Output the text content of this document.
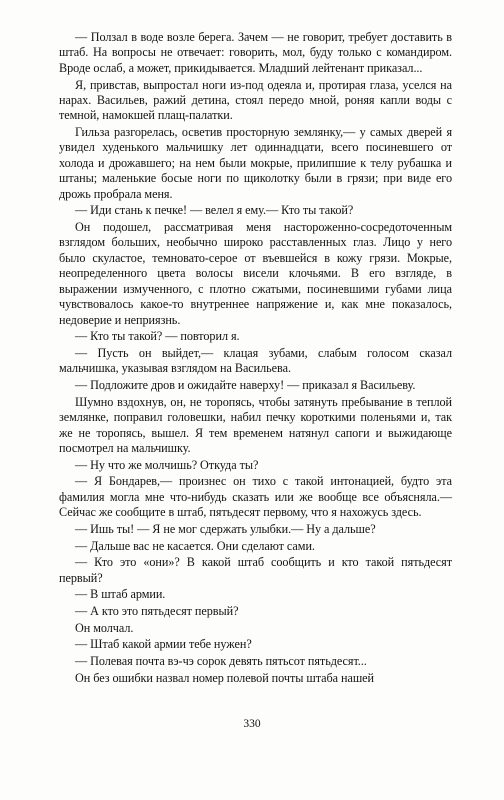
— Ползал в воде возле берега. Зачем — не говорит, требует доставить в штаб. На вопросы не отвечает: говорить, мол, буду только с командиром. Вроде ослаб, а может, прикидывается. Младший лейтенант приказал...

Я, привстав, выпростал ноги из-под одеяла и, протирая глаза, уселся на нарах. Васильев, ражий детина, стоял передо мной, роняя капли воды с темной, намокшей плащ-палатки.

Гильза разгорелась, осветив просторную землянку,— у самых дверей я увидел худенького мальчишку лет одиннадцати, всего посиневшего от холода и дрожавшего; на нем были мокрые, прилипшие к телу рубашка и штаны; маленькие босые ноги по щиколотку были в грязи; при виде его дрожь пробрала меня.

— Иди стань к печке! — велел я ему.— Кто ты такой?

Он подошел, рассматривая меня настороженно-сосредоточенным взглядом больших, необычно широко расставленных глаз. Лицо у него было скуластое, темновато-серое от въевшейся в кожу грязи. Мокрые, неопределенного цвета волосы висели клочьями. В его взгляде, в выражении измученного, с плотно сжатыми, посиневшими губами лица чувствовалось какое-то внутреннее напряжение и, как мне показалось, недоверие и неприязнь.

— Кто ты такой? — повторил я.

— Пусть он выйдет,— клацая зубами, слабым голосом сказал мальчишка, указывая взглядом на Васильева.

— Подложите дров и ожидайте наверху! — приказал я Васильеву.

Шумно вздохнув, он, не торопясь, чтобы затянуть пребывание в теплой землянке, поправил головешки, набил печку короткими поленьями и, так же не торопясь, вышел. Я тем временем натянул сапоги и выжидающе посмотрел на мальчишку.

— Ну что же молчишь? Откуда ты?

— Я Бондарев,— произнес он тихо с такой интонацией, будто эта фамилия могла мне что-нибудь сказать или же вообще все объясняла.— Сейчас же сообщите в штаб, пятьдесят первому, что я нахожусь здесь.

— Ишь ты! — Я не мог сдержать улыбки.— Ну а дальше?

— Дальше вас не касается. Они сделают сами.

— Кто это «они»? В какой штаб сообщить и кто такой пятьдесят первый?

— В штаб армии.

— А кто это пятьдесят первый?

Он молчал.

— Штаб какой армии тебе нужен?

— Полевая почта вэ-чэ сорок девять пятьсот пятьдесят...

Он без ошибки назвал номер полевой почты штаба нашей

330
